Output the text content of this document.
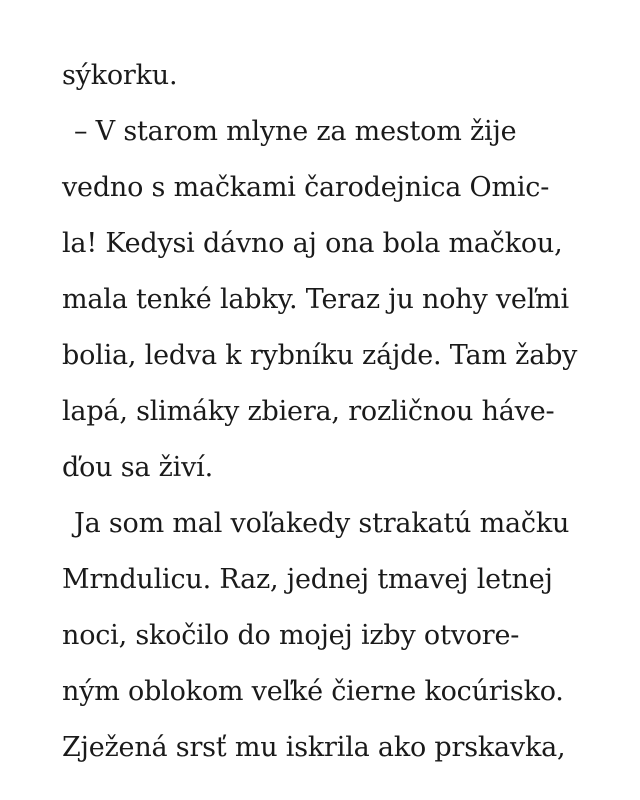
sýkorku.
– V starom mlyne za mestom žije
vedno s mačkami čarodejnica Omic-
la! Kedysi dávno aj ona bola mačkou,
mala tenké labky. Teraz ju nohy veľmi
bolia, ledva k rybníku zájde. Tam žaby
lapá, slimáky zbiera, rozličnou háve-
ďou sa živí.
Ja som mal voľakedy strakatú mačku
Mrndulicu. Raz, jednej tmavej letnej
noci, skočilo do mojej izby otvore-
ným oblokom veľké čierne kocúrisko.
Zježená srsť mu iskrila ako prskavka,
